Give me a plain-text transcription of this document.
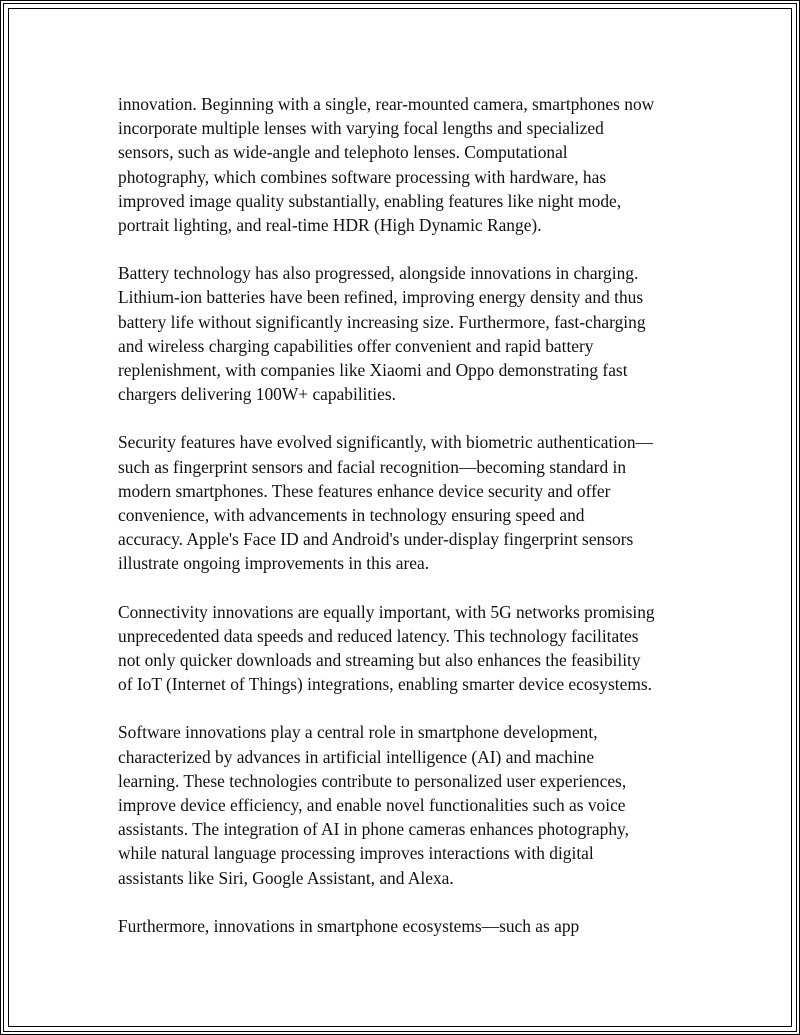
innovation. Beginning with a single, rear-mounted camera, smartphones now
incorporate multiple lenses with varying focal lengths and specialized
sensors, such as wide-angle and telephoto lenses. Computational
photography, which combines software processing with hardware, has
improved image quality substantially, enabling features like night mode,
portrait lighting, and real-time HDR (High Dynamic Range).

Battery technology has also progressed, alongside innovations in charging.
Lithium-ion batteries have been refined, improving energy density and thus
battery life without significantly increasing size. Furthermore, fast-charging
and wireless charging capabilities offer convenient and rapid battery
replenishment, with companies like Xiaomi and Oppo demonstrating fast
chargers delivering 100W+ capabilities.

Security features have evolved significantly, with biometric authentication—
such as fingerprint sensors and facial recognition—becoming standard in
modern smartphones. These features enhance device security and offer
convenience, with advancements in technology ensuring speed and
accuracy. Apple's Face ID and Android's under-display fingerprint sensors
illustrate ongoing improvements in this area.

Connectivity innovations are equally important, with 5G networks promising
unprecedented data speeds and reduced latency. This technology facilitates
not only quicker downloads and streaming but also enhances the feasibility
of IoT (Internet of Things) integrations, enabling smarter device ecosystems.

Software innovations play a central role in smartphone development,
characterized by advances in artificial intelligence (AI) and machine
learning. These technologies contribute to personalized user experiences,
improve device efficiency, and enable novel functionalities such as voice
assistants. The integration of AI in phone cameras enhances photography,
while natural language processing improves interactions with digital
assistants like Siri, Google Assistant, and Alexa.

Furthermore, innovations in smartphone ecosystems—such as app
